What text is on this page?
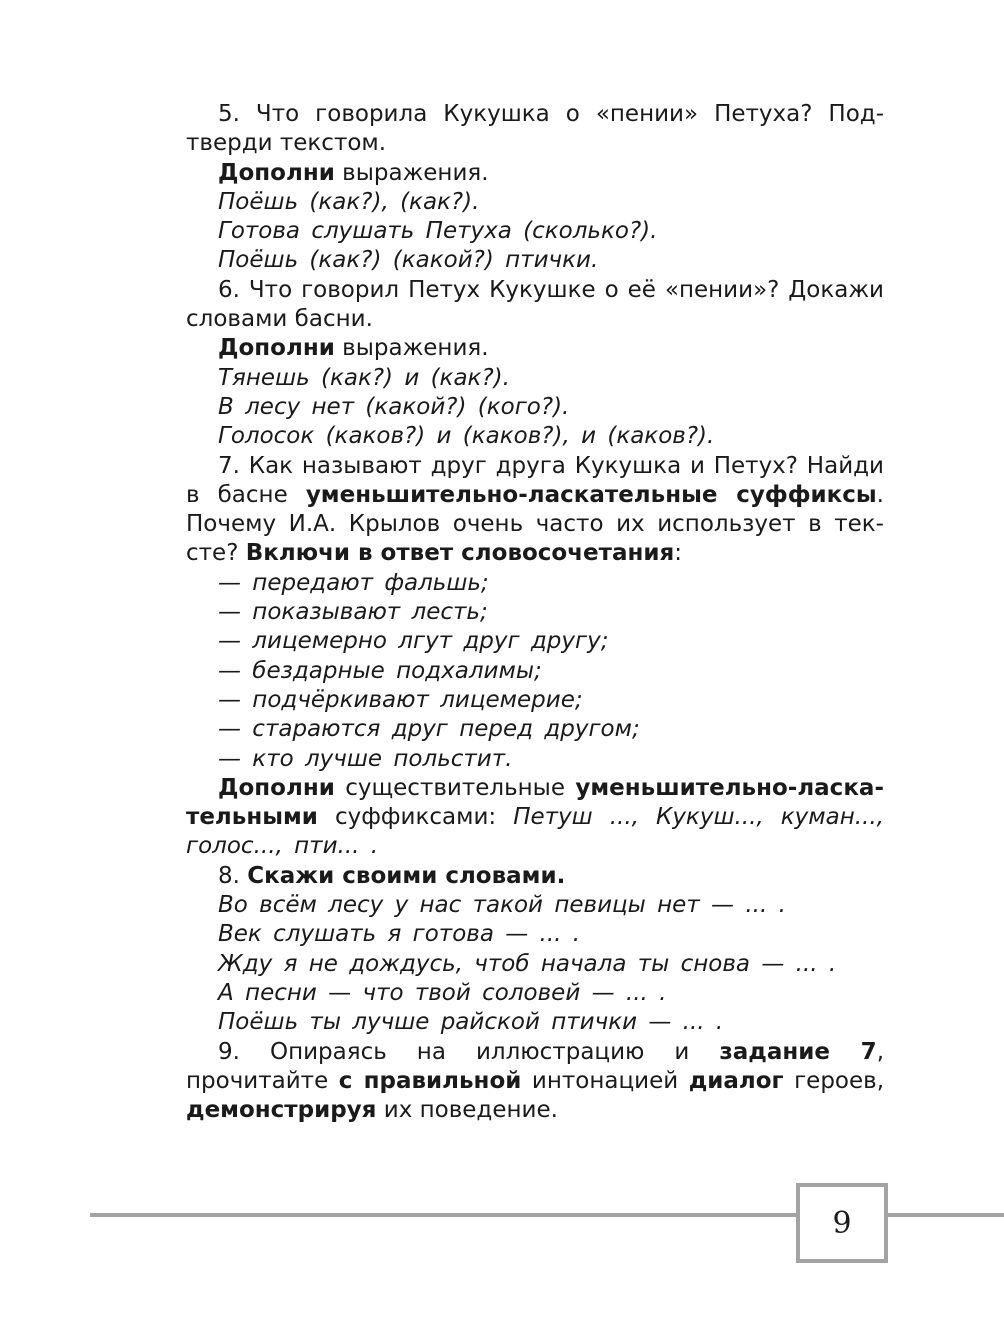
5. Что говорила Кукушка о «пении» Петуха? Под-

тверди текстом.

Дополни выражения.

Поёшь (как?), (как?).

Готова слушать Петуха (сколько?).

Поёшь (как?) (какой?) птички.

6. Что говорил Петух Кукушке о её «пении»? Докажи

словами басни.

Дополни выражения.

Тянешь (как?) и (как?).

В лесу нет (какой?) (кого?).

Голосок (каков?) и (каков?), и (каков?).

7. Как называют друг друга Кукушка и Петух? Найди

в басне уменьшительно-ласкательные суффиксы.

Почему И.А. Крылов очень часто их использует в тек-

сте? Включи в ответ словосочетания:

— передают фальшь;

— показывают лесть;

— лицемерно лгут друг другу;

— бездарные подхалимы;

— подчёркивают лицемерие;

— стараются друг перед другом;

— кто лучше польстит.

Дополни существительные уменьшительно-ласка-

тельными суффиксами: Петуш ..., Кукуш..., куман...,

голос..., пти... .

8. Скажи своими словами.

Во всём лесу у нас такой певицы нет — ... .

Век слушать я готова — ... .

Жду я не дождусь, чтоб начала ты снова — ... .

А песни — что твой соловей — ... .

Поёшь ты лучше райской птички — ... .

9. Опираясь на иллюстрацию и задание 7,

прочитайте с правильной интонацией диалог героев,

демонстрируя их поведение.

9
